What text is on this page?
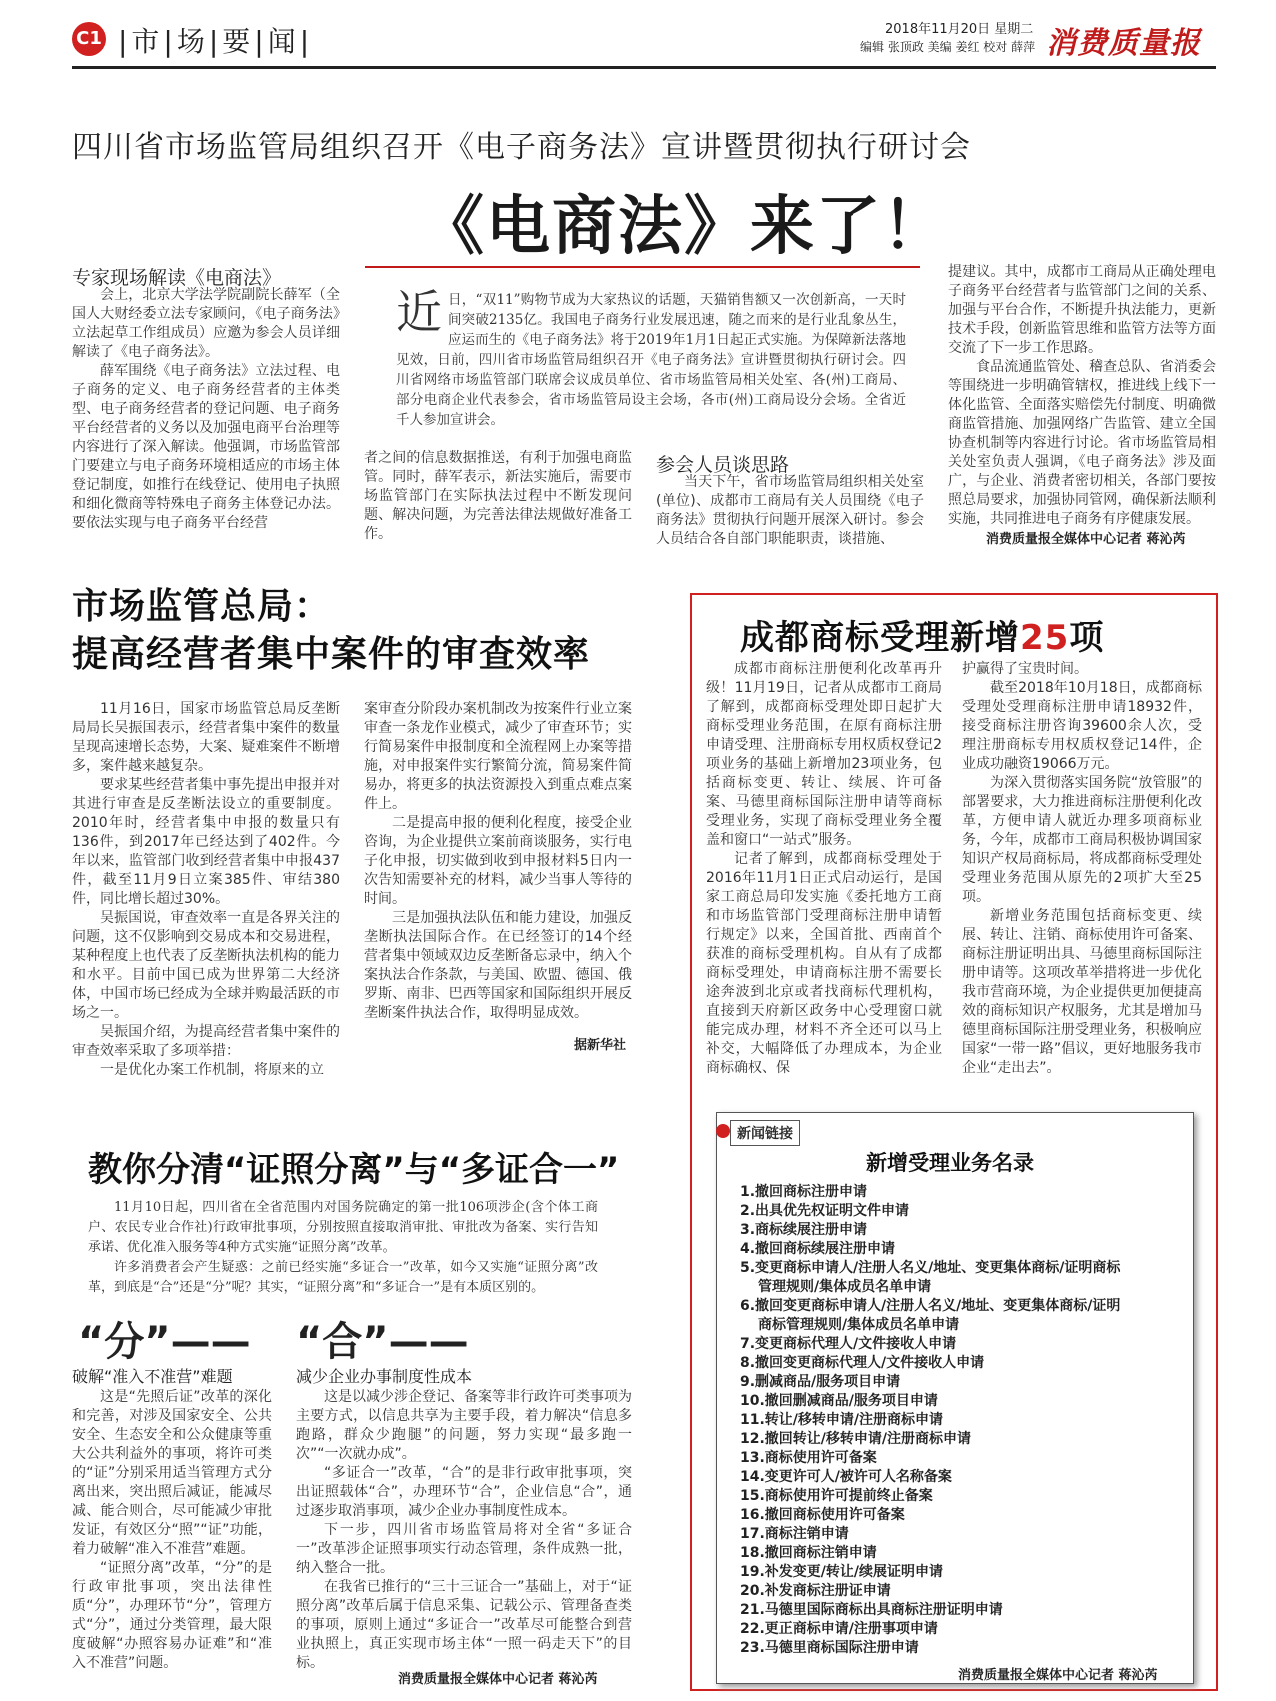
C1 |市|场|要|闻|	2018年11月20日 星期二
编辑 张顶政 美编 姜红 校对 薛萍 消费质量报
四川省市场监管局组织召开《电子商务法》宣讲暨贯彻执行研讨会
《电商法》来了！
近日，“双11”购物节成为大家热议的话题，天猫销售额又一次创新高，一天时间突破2135亿。我国电子商务行业发展迅速，随之而来的是行业乱象丛生，应运而生的《电子商务法》将于2019年1月1日起正式实施。为保障新法落地见效，日前，四川省市场监管局组织召开《电子商务法》宣讲暨贯彻执行研讨会。四川省网络市场监管部门联席会议成员单位、省市场监管局相关处室、各(州)工商局、部分电商企业代表参会，省市场监管局设主会场，各市(州)工商局设分会场。全省近千人参加宣讲会。
专家现场解读《电商法》

会上，北京大学法学院副院长薛军（全国人大财经委立法专家顾问，《电子商务法》立法起草工作组成员）应邀为参会人员详细解读了《电子商务法》。

薛军围绕《电子商务法》立法过程、电子商务的定义、电子商务经营者的主体类型、电子商务经营者的登记问题、电子商务平台经营者的义务以及加强电商平台治理等内容进行了深入解读。他强调，市场监管部门要建立与电子商务环境相适应的市场主体登记制度，如推行在线登记、使用电子执照和细化微商等特殊电子商务主体登记办法。要依法实现与电子商务平台经营

者之间的信息数据推送，有利于加强电商监管。同时，薛军表示，新法实施后，需要市场监管部门在实际执法过程中不断发现问题、解决问题，为完善法律法规做好准备工作。
参会人员谈思路

当天下午，省市场监管局组织相关处室(单位)、成都市工商局有关人员围绕《电子商务法》贯彻执行问题开展深入研讨。参会人员结合各自部门职能职责，谈措施、

提建议。其中，成都市工商局从正确处理电子商务平台经营者与监管部门之间的关系、加强与平台合作，不断提升执法能力，更新技术手段，创新监管思维和监管方法等方面交流了下一步工作思路。

食品流通监管处、稽查总队、省消委会等围绕进一步明确管辖权，推进线上线下一体化监管、全面落实赔偿先付制度、明确微商监管措施、加强网络广告监管、建立全国协查机制等内容进行讨论。省市场监管局相关处室负责人强调，《电子商务法》涉及面广，与企业、消费者密切相关，各部门要按照总局要求，加强协同管网，确保新法顺利实施，共同推进电子商务有序健康发展。

消费质量报全媒体中心记者 蒋沁芮
市场监管总局：
提高经营者集中案件的审查效率

11月16日，国家市场监管总局反垄断局局长吴振国表示，经营者集中案件的数量呈现高速增长态势，大案、疑难案件不断增多，案件越来越复杂。

要求某些经营者集中事先提出申报并对其进行审查是反垄断法设立的重要制度。2010年时，经营者集中申报的数量只有136件，到2017年已经达到了402件。今年以来，监管部门收到经营者集中申报437件，截至11月9日立案385件、审结380件，同比增长超过30%。

吴振国说，审查效率一直是各界关注的问题，这不仅影响到交易成本和交易进程，某种程度上也代表了反垄断执法机构的能力和水平。目前中国已成为世界第二大经济体，中国市场已经成为全球并购最活跃的市场之一。

吴振国介绍，为提高经营者集中案件的审查效率采取了多项举措：

一是优化办案工作机制，将原来的立

案审查分阶段办案机制改为按案件行业立案审查一条龙作业模式，减少了审查环节；实行简易案件申报制度和全流程网上办案等措施，对申报案件实行繁简分流，简易案件简易办，将更多的执法资源投入到重点难点案件上。

二是提高申报的便利化程度，接受企业咨询，为企业提供立案前商谈服务，实行电子化申报，切实做到收到申报材料5日内一次告知需要补充的材料，减少当事人等待的时间。

三是加强执法队伍和能力建设，加强反垄断执法国际合作。在已经签订的14个经营者集中领域双边反垄断备忘录中，纳入个案执法合作条款，与美国、欧盟、德国、俄罗斯、南非、巴西等国家和国际组织开展反垄断案件执法合作，取得明显成效。

据新华社
成都商标受理新增25项

成都市商标注册便利化改革再升级！11月19日，记者从成都市工商局了解到，成都商标受理处即日起扩大商标受理业务范围，在原有商标注册申请受理、注册商标专用权质权登记2项业务的基础上新增加23项业务，包括商标变更、转让、续展、许可备案、马德里商标国际注册申请等商标受理业务，实现了商标受理业务全覆盖和窗口“一站式”服务。

记者了解到，成都商标受理处于2016年11月1日正式启动运行，是国家工商总局印发实施《委托地方工商和市场监管部门受理商标注册申请暂行规定》以来，全国首批、西南首个获准的商标受理机构。自从有了成都商标受理处，申请商标注册不需要长途奔波到北京或者找商标代理机构，直接到天府新区政务中心受理窗口就能完成办理，材料不齐全还可以马上补交，大幅降低了办理成本，为企业商标确权、保

护赢得了宝贵时间。

截至2018年10月18日，成都商标受理处受理商标注册申请18932件，接受商标注册咨询39600余人次，受理注册商标专用权质权登记14件，企业成功融资19066万元。

为深入贯彻落实国务院“放管服”的部署要求，大力推进商标注册便利化改革，方便申请人就近办理多项商标业务，今年，成都市工商局积极协调国家知识产权局商标局，将成都商标受理处受理业务范围从原先的2项扩大至25项。

新增业务范围包括商标变更、续展、转让、注销、商标使用许可备案、商标注册证明出具、马德里商标国际注册申请等。这项改革举措将进一步优化我市营商环境，为企业提供更加便捷高效的商标知识产权服务，尤其是增加马德里商标国际注册受理业务，积极响应国家“一带一路”倡议，更好地服务我市企业“走出去”。

新闻链接
新增受理业务名录
1.撤回商标注册申请
2.出具优先权证明文件申请
3.商标续展注册申请
4.撤回商标续展注册申请
5.变更商标申请人/注册人名义/地址、变更集体商标/证明商标
管理规则/集体成员名单申请
6.撤回变更商标申请人/注册人名义/地址、变更集体商标/证明
商标管理规则/集体成员名单申请
7.变更商标代理人/文件接收人申请
8.撤回变更商标代理人/文件接收人申请
9.删减商品/服务项目申请
10.撤回删减商品/服务项目申请
11.转让/移转申请/注册商标申请
12.撤回转让/移转申请/注册商标申请
13.商标使用许可备案
14.变更许可人/被许可人名称备案
15.商标使用许可提前终止备案
16.撤回商标使用许可备案
17.商标注销申请
18.撤回商标注销申请
19.补发变更/转让/续展证明申请
20.补发商标注册证申请
21.马德里国际商标出具商标注册证明申请
22.更正商标申请/注册事项申请
23.马德里商标国际注册申请
消费质量报全媒体中心记者 蒋沁芮
教你分清“证照分离”与“多证合一”

11月10日起，四川省在全省范围内对国务院确定的第一批106项涉企(含个体工商户、农民专业合作社)行政审批事项，分别按照直接取消审批、审批改为备案、实行告知承诺、优化准入服务等4种方式实施“证照分离”改革。

许多消费者会产生疑惑：之前已经实施“多证合一”改革，如今又实施“证照分离”改革，到底是“合”还是“分”呢？其实，“证照分离”和“多证合一”是有本质区别的。

“分”——
破解“准入不准营”难题

这是“先照后证”改革的深化和完善，对涉及国家安全、公共安全、生态安全和公众健康等重大公共利益外的事项，将许可类的“证”分别采用适当管理方式分离出来，突出照后减证，能减尽减、能合则合，尽可能减少审批发证，有效区分“照”“证”功能，着力破解“准入不准营”难题。

“证照分离”改革，“分”的是行政审批事项，突出法律性质“分”，办理环节“分”，管理方式“分”，通过分类管理，最大限度破解“办照容易办证难”和“准入不准营”问题。

“合”——
减少企业办事制度性成本

这是以减少涉企登记、备案等非行政许可类事项为主要方式，以信息共享为主要手段，着力解决“信息多跑路，群众少跑腿”的问题，努力实现“最多跑一次”“一次就办成”。

“多证合一”改革，“合”的是非行政审批事项，突出证照载体“合”，办理环节“合”，企业信息“合”，通过逐步取消事项，减少企业办事制度性成本。

下一步，四川省市场监管局将对全省“多证合一”改革涉企证照事项实行动态管理，条件成熟一批，纳入整合一批。

在我省已推行的“三十三证合一”基础上，对于“证照分离”改革后属于信息采集、记载公示、管理备查类的事项，原则上通过“多证合一”改革尽可能整合到营业执照上，真正实现市场主体“一照一码走天下”的目标。

消费质量报全媒体中心记者 蒋沁芮
